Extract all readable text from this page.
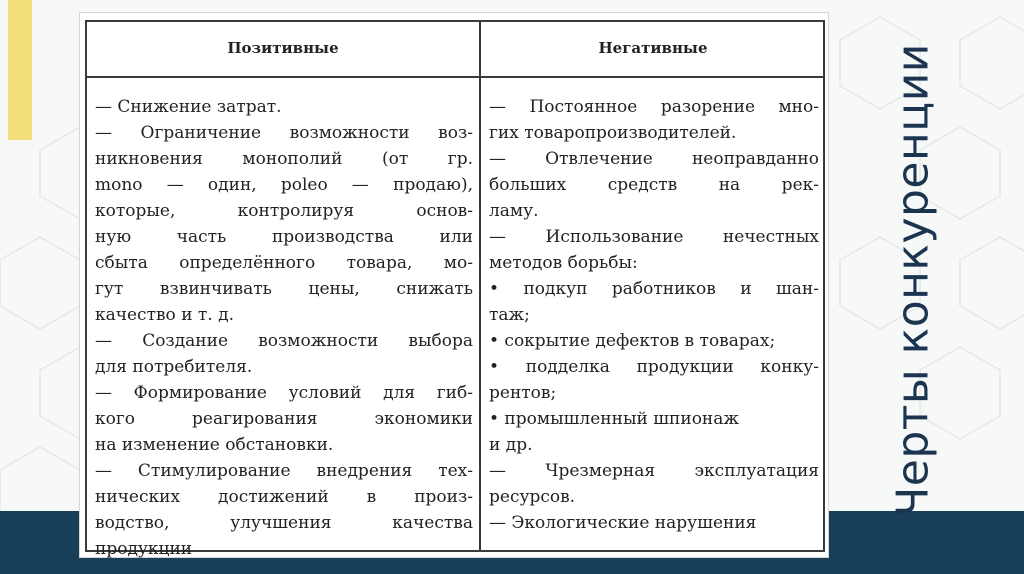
Черты конкуренции
Позитивные	Негативные
— Снижение затрат.
— Ограничение возможности воз-
никновения монополий (от гр.
mono — один, poleo — продаю),
которые, контролируя основ-
ную часть производства или
сбыта определённого товара, мо-
гут взвинчивать цены, снижать
качество и т. д.
— Создание возможности выбора
для потребителя.
— Формирование условий для гиб-
кого реагирования экономики
на изменение обстановки.
— Стимулирование внедрения тех-
нических достижений в произ-
водство, улучшения качества
продукции
— Постоянное разорение мно-
гих товаропроизводителей.
— Отвлечение неоправданно
больших средств на рек-
ламу.
— Использование нечестных
методов борьбы:
• подкуп работников и шан-
таж;
• сокрытие дефектов в товарах;
• подделка продукции конку-
рентов;
• промышленный шпионаж
и др.
— Чрезмерная эксплуатация
ресурсов.
— Экологические нарушения
